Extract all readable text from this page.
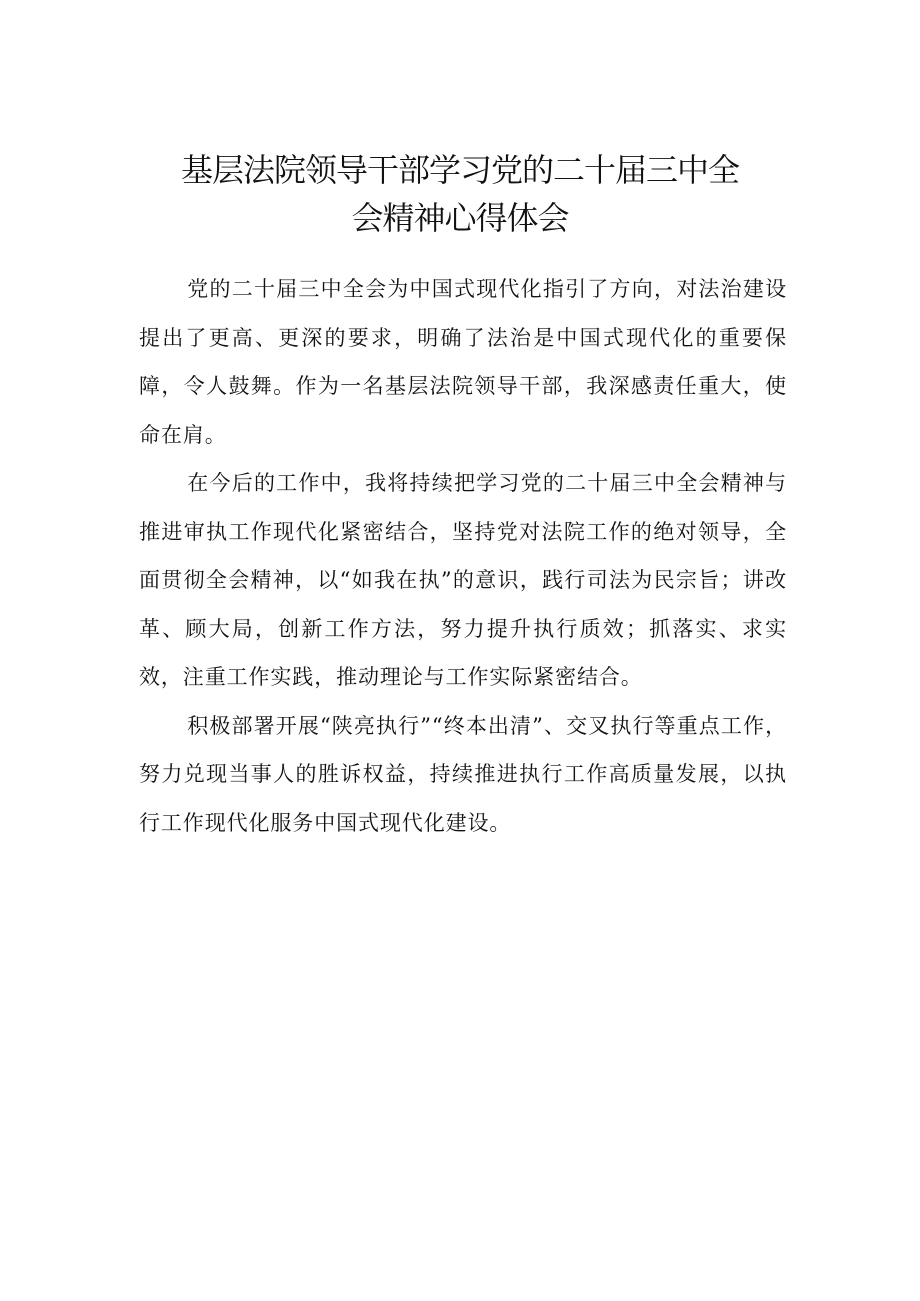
基层法院领导干部学习党的二十届三中全
会精神心得体会

党的二十届三中全会为中国式现代化指引了方向，对法治建设提出了更高、更深的要求，明确了法治是中国式现代化的重要保障，令人鼓舞。作为一名基层法院领导干部，我深感责任重大，使命在肩。

在今后的工作中，我将持续把学习党的二十届三中全会精神与推进审执工作现代化紧密结合，坚持党对法院工作的绝对领导，全面贯彻全会精神，以“如我在执”的意识，践行司法为民宗旨；讲改革、顾大局，创新工作方法，努力提升执行质效；抓落实、求实效，注重工作实践，推动理论与工作实际紧密结合。

积极部署开展“陕亮执行”“终本出清”、交叉执行等重点工作，努力兑现当事人的胜诉权益，持续推进执行工作高质量发展，以执行工作现代化服务中国式现代化建设。
